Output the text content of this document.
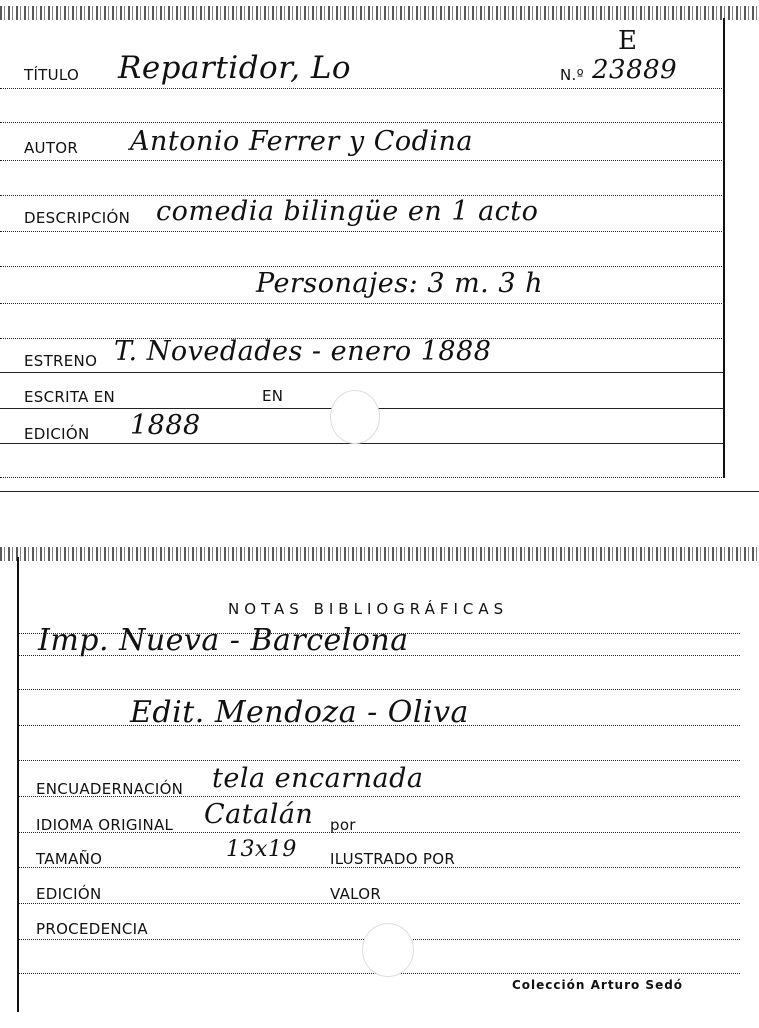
TÍTULO Repartidor, Lo	N.º 23889
E
AUTOR Antonio Ferrer y Codina
DESCRIPCIÓN comedia bilingüe en 1 acto
Personajes: 3 m. 3 h
ESTRENO T. Novedades - enero 1888
ESCRITA EN	EN
EDICIÓN 1888
NOTAS BIBLIOGRÁFICAS
Imp. Nueva - Barcelona
Edit. Mendoza - Oliva
ENCUADERNACIÓN tela encarnada
IDIOMA ORIGINAL Catalán por
TAMAÑO	13x19 ILUSTRADO POR
EDICIÓN	VALOR
PROCEDENCIA
Colección Arturo Sedó
